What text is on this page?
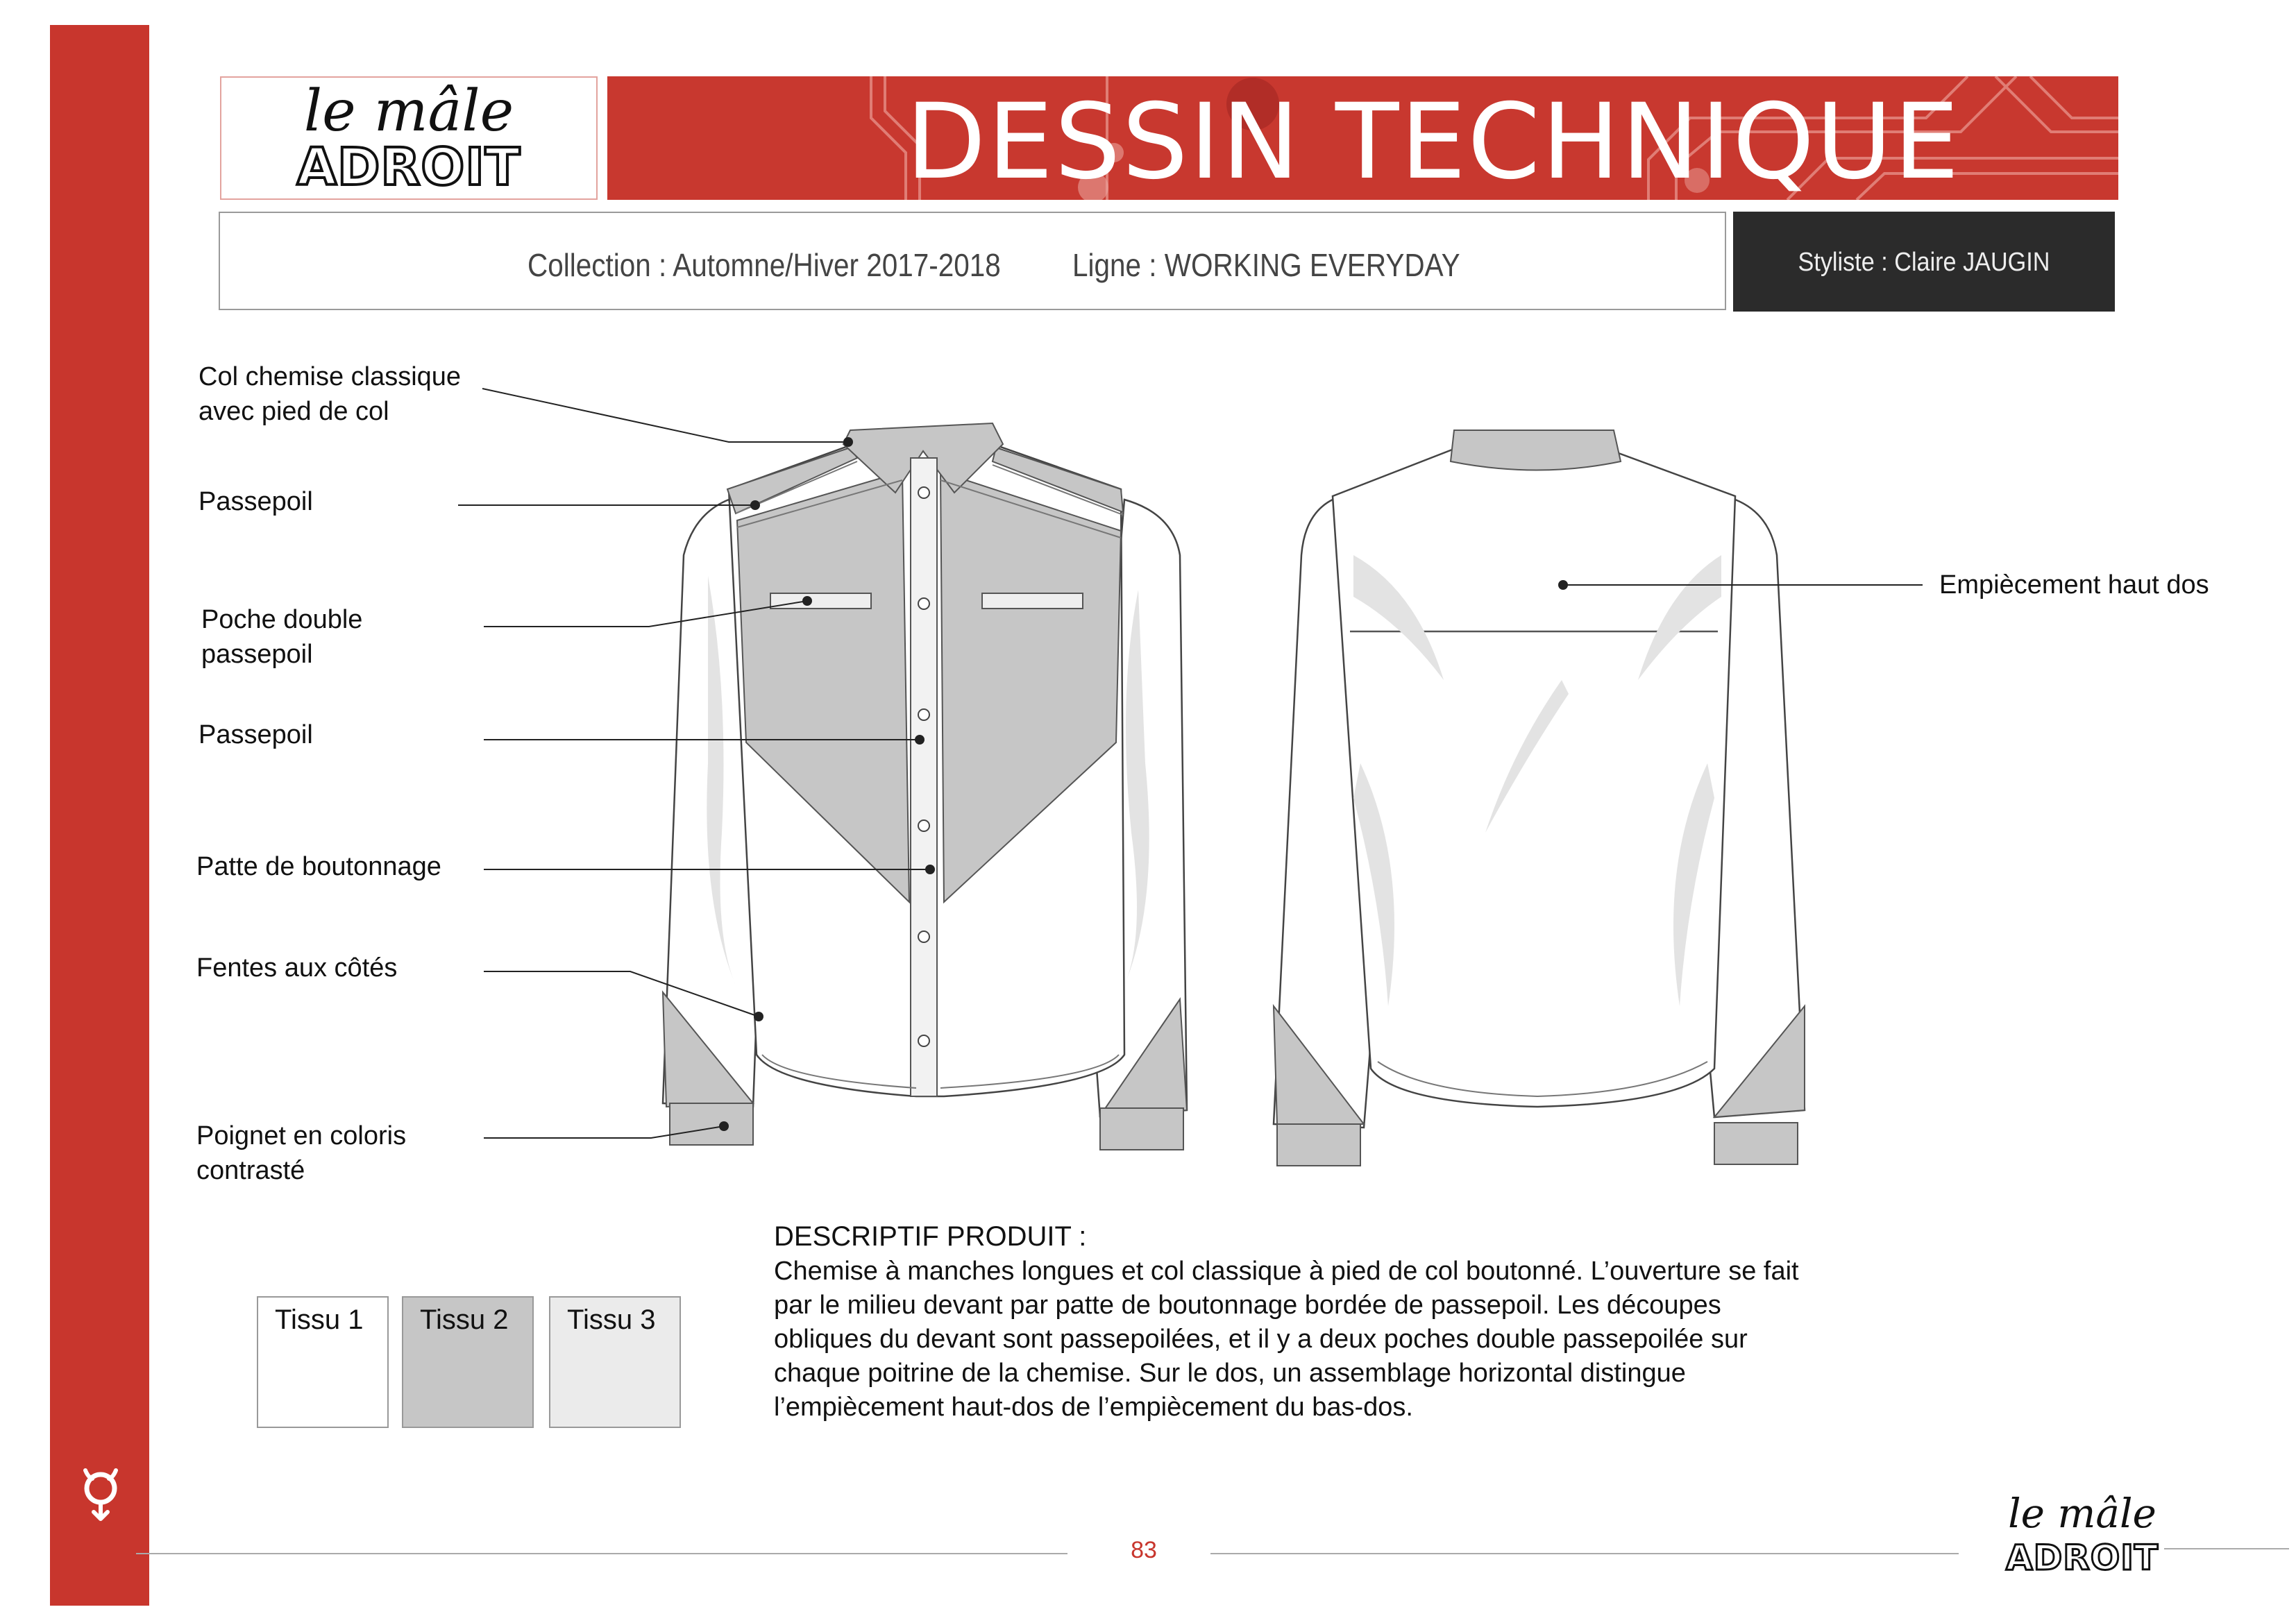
le mâle
ADROIT	DESSIN TECHNIQUE
Collection : Automne/Hiver 2017-2018 Ligne : WORKING EVERYDAY	Styliste : Claire JAUGIN
Col chemise classique
avec pied de col
Passepoil
Poche double
passepoil
Passepoil
Patte de boutonnage
Fentes aux côtés
Poignet en coloris
contrasté
Empiècement haut dos
DESCRIPTIF PRODUIT :
Chemise à manches longues et col classique à pied de col boutonné. L’ouverture se fait par le milieu devant par patte de boutonnage bordée de passepoil. Les découpes obliques du devant sont passepoilées, et il y a deux poches double passepoilée sur chaque poitrine de la chemise. Sur le dos, un assemblage horizontal distingue l’empiècement haut-dos de l’empiècement du bas-dos.
Tissu 1 Tissu 2 Tissu 3
83
le mâle
ADROIT
